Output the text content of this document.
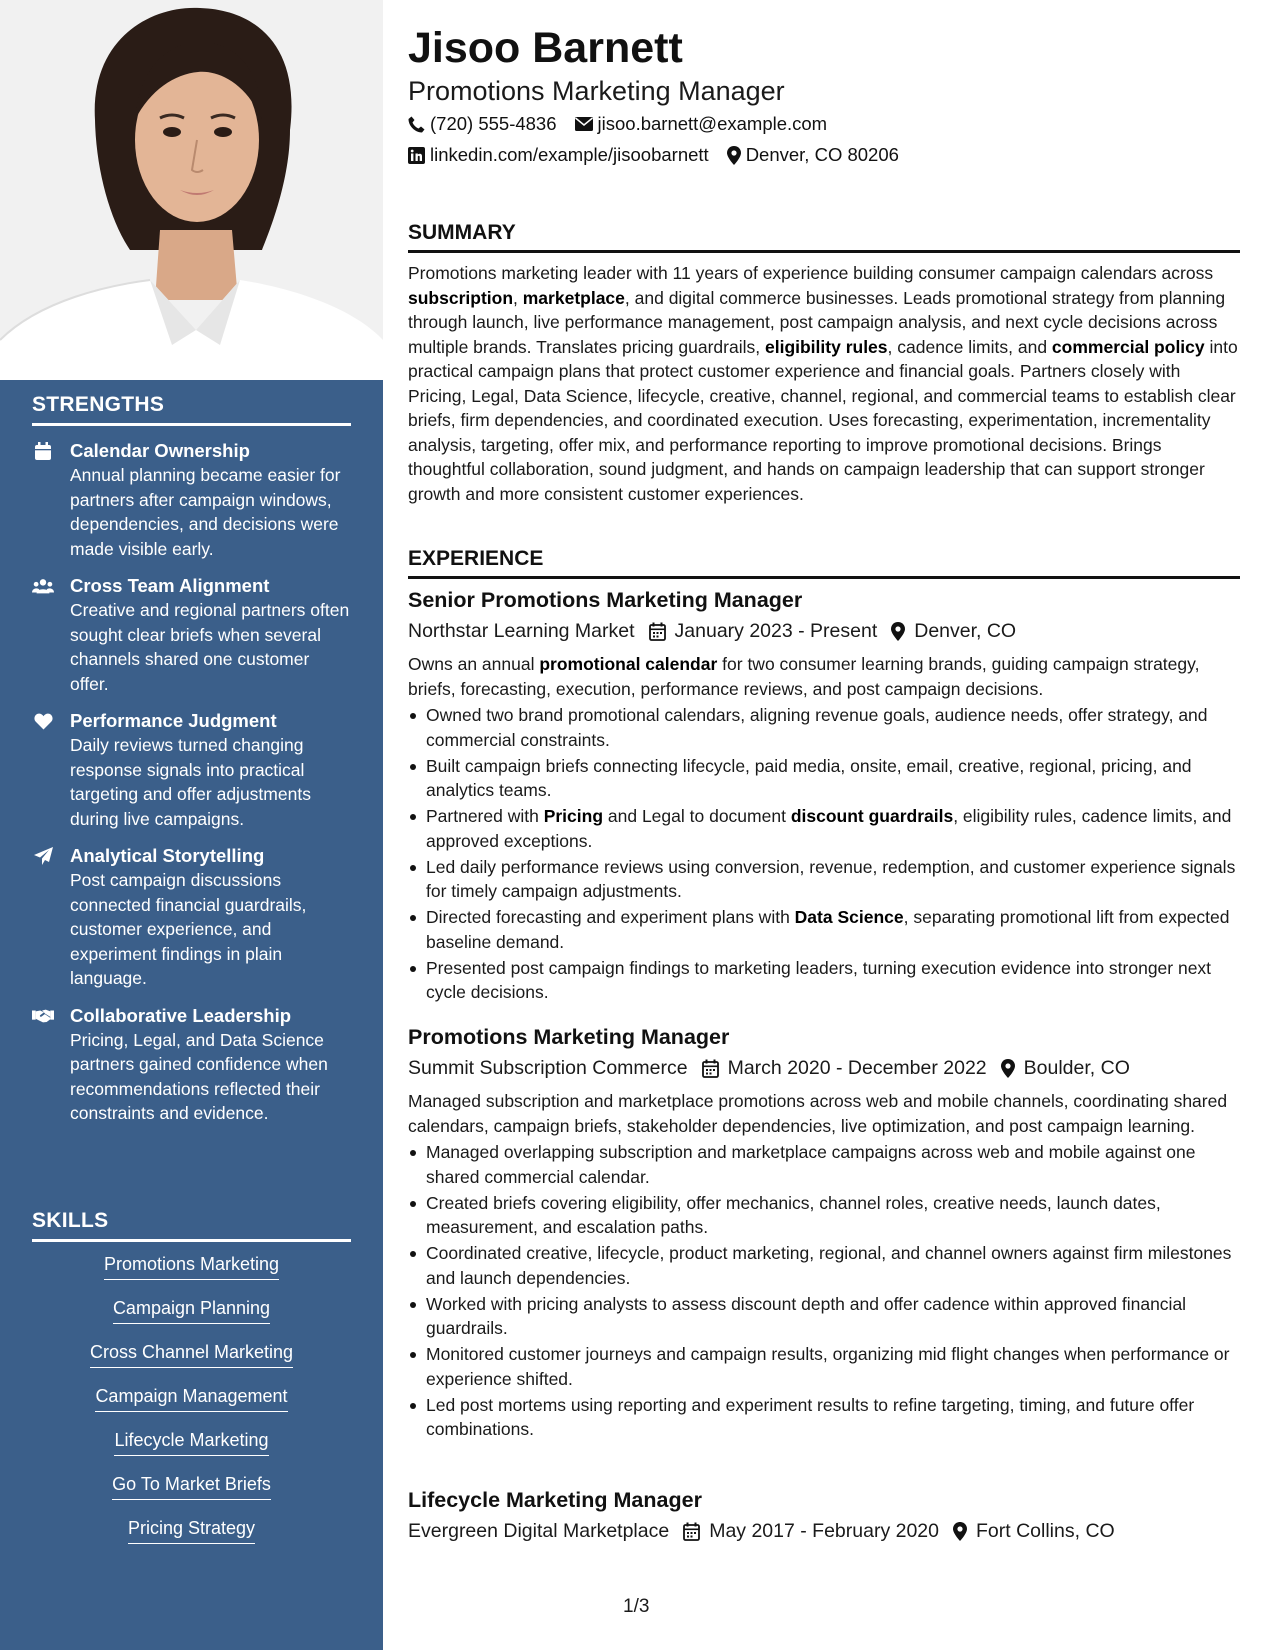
STRENGTHS
Calendar Ownership
Annual planning became easier for partners after campaign windows, dependencies, and decisions were made visible early.
Cross Team Alignment
Creative and regional partners often sought clear briefs when several channels shared one customer offer.
Performance Judgment
Daily reviews turned changing response signals into practical targeting and offer adjustments during live campaigns.
Analytical Storytelling
Post campaign discussions connected financial guardrails, customer experience, and experiment findings in plain language.
Collaborative Leadership
Pricing, Legal, and Data Science partners gained confidence when recommendations reflected their constraints and evidence.
SKILLS
Promotions Marketing
Campaign Planning
Cross Channel Marketing
Campaign Management
Lifecycle Marketing
Go To Market Briefs
Pricing Strategy
Jisoo Barnett
Promotions Marketing Manager
(720) 555-4836 jisoo.barnett@example.com
linkedin.com/example/jisoobarnett Denver, CO 80206
SUMMARY

Promotions marketing leader with 11 years of experience building consumer campaign calendars across subscription, marketplace, and digital commerce businesses. Leads promotional strategy from planning through launch, live performance management, post campaign analysis, and next cycle decisions across multiple brands. Translates pricing guardrails, eligibility rules, cadence limits, and commercial policy into practical campaign plans that protect customer experience and financial goals. Partners closely with Pricing, Legal, Data Science, lifecycle, creative, channel, regional, and commercial teams to establish clear briefs, firm dependencies, and coordinated execution. Uses forecasting, experimentation, incrementality analysis, targeting, offer mix, and performance reporting to improve promotional decisions. Brings thoughtful collaboration, sound judgment, and hands on campaign leadership that can support stronger growth and more consistent customer experiences.

EXPERIENCE
Senior Promotions Marketing Manager
Northstar Learning Market January 2023 - Present Denver, CO

Owns an annual promotional calendar for two consumer learning brands, guiding campaign strategy, briefs, forecasting, execution, performance reviews, and post campaign decisions.

Owned two brand promotional calendars, aligning revenue goals, audience needs, offer strategy, and commercial constraints.
Built campaign briefs connecting lifecycle, paid media, onsite, email, creative, regional, pricing, and analytics teams.
Partnered with Pricing and Legal to document discount guardrails, eligibility rules, cadence limits, and approved exceptions.
Led daily performance reviews using conversion, revenue, redemption, and customer experience signals for timely campaign adjustments.
Directed forecasting and experiment plans with Data Science, separating promotional lift from expected baseline demand.
Presented post campaign findings to marketing leaders, turning execution evidence into stronger next cycle decisions.
Promotions Marketing Manager
Summit Subscription Commerce March 2020 - December 2022 Boulder, CO

Managed subscription and marketplace promotions across web and mobile channels, coordinating shared calendars, campaign briefs, stakeholder dependencies, live optimization, and post campaign learning.

Managed overlapping subscription and marketplace campaigns across web and mobile against one shared commercial calendar.
Created briefs covering eligibility, offer mechanics, channel roles, creative needs, launch dates, measurement, and escalation paths.
Coordinated creative, lifecycle, product marketing, regional, and channel owners against firm milestones and launch dependencies.
Worked with pricing analysts to assess discount depth and offer cadence within approved financial guardrails.
Monitored customer journeys and campaign results, organizing mid flight changes when performance or experience shifted.
Led post mortems using reporting and experiment results to refine targeting, timing, and future offer combinations.
Lifecycle Marketing Manager
Evergreen Digital Marketplace May 2017 - February 2020 Fort Collins, CO
1/3
